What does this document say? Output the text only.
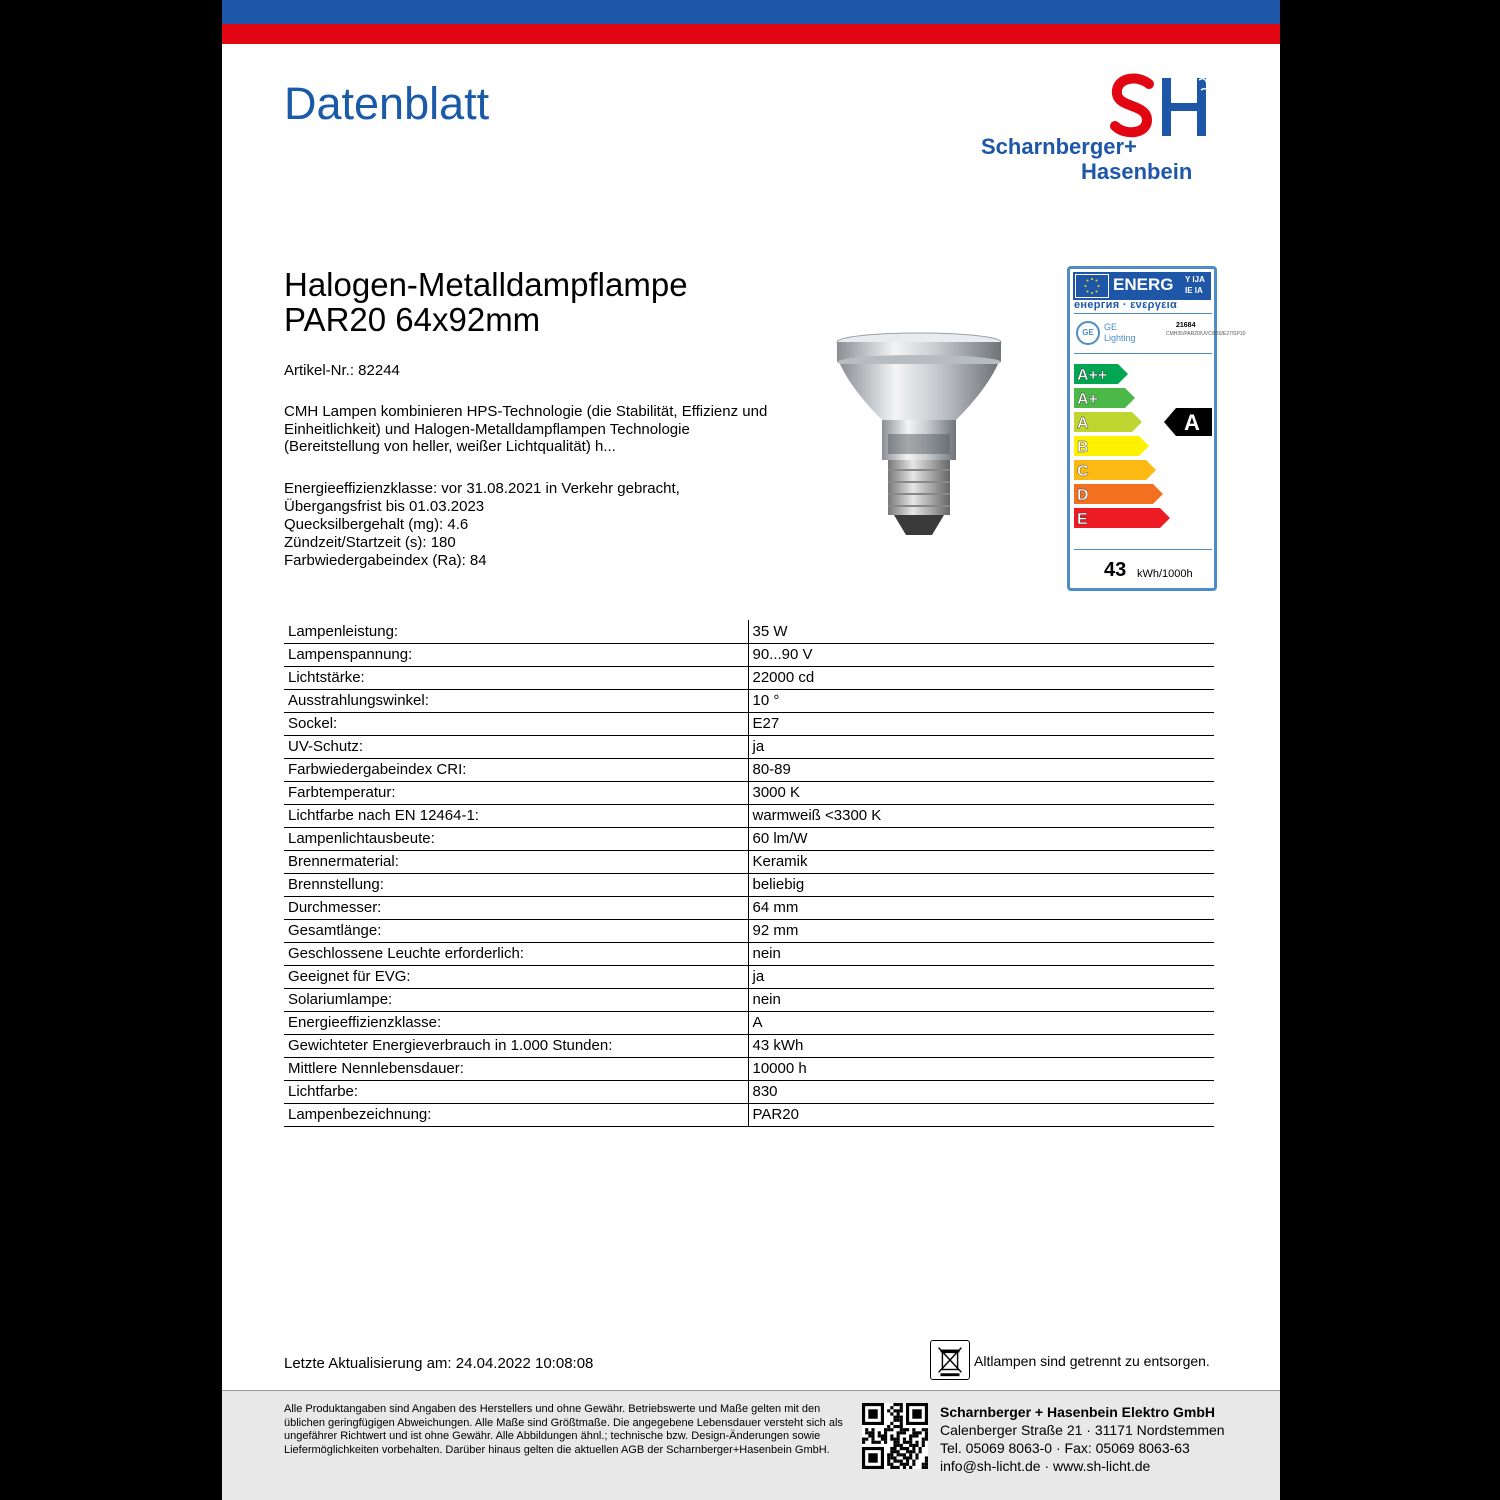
Datenblatt
Scharnberger+
Hasenbein
Halogen-Metalldampflampe
PAR20 64x92mm
Artikel-Nr.: 82244
CMH Lampen kombinieren HPS-Technologie (die Stabilität, Effizienz und Einheitlichkeit) und Halogen-Metalldampflampen Technologie (Bereitstellung von heller, weißer Lichtqualität) h...
Energieeffizienzklasse: vor 31.08.2021 in Verkehr gebracht,
Übergangsfrist bis 01.03.2023
Quecksilbergehalt (mg): 4.6
Zündzeit/Startzeit (s): 180
Farbwiedergabeindex (Ra): 84
ENERG Y IJA
IE IA
енергия · ενεργεια
GE
GE
Lighting
21684
CMH35/PAR20/UVC/830/E27/SP10
A++
A+
A	A
B
C
D
E
43 kWh/1000h
Lampenleistung:	35 W
Lampenspannung:	90...90 V
Lichtstärke:	22000 cd
Ausstrahlungswinkel:	10 °
Sockel:	E27
UV-Schutz:	ja
Farbwiedergabeindex CRI:	80-89
Farbtemperatur:	3000 K
Lichtfarbe nach EN 12464-1:	warmweiß <3300 K
Lampenlichtausbeute:	60 lm/W
Brennermaterial:	Keramik
Brennstellung:	beliebig
Durchmesser:	64 mm
Gesamtlänge:	92 mm
Geschlossene Leuchte erforderlich:	nein
Geeignet für EVG:	ja
Solariumlampe:	nein
Energieeffizienzklasse:	A
Gewichteter Energieverbrauch in 1.000 Stunden:	43 kWh
Mittlere Nennlebensdauer:	10000 h
Lichtfarbe:	830
Lampenbezeichnung:	PAR20
Letzte Aktualisierung am: 24.04.2022 10:08:08	Altlampen sind getrennt zu entsorgen.
Alle Produktangaben sind Angaben des Herstellers und ohne Gewähr. Betriebswerte und Maße gelten mit den üblichen geringfügigen Abweichungen. Alle Maße sind Größtmaße. Die angegebene Lebensdauer versteht sich als ungefährer Richtwert und ist ohne Gewähr. Alle Abbildungen ähnl.; technische bzw. Design-Änderungen sowie Liefermöglichkeiten vorbehalten. Darüber hinaus gelten die aktuellen AGB der Scharnberger+Hasenbein GmbH.
Scharnberger + Hasenbein Elektro GmbH
Calenberger Straße 21 · 31171 Nordstemmen
Tel. 05069 8063-0 · Fax: 05069 8063-63
info@sh-licht.de · www.sh-licht.de
